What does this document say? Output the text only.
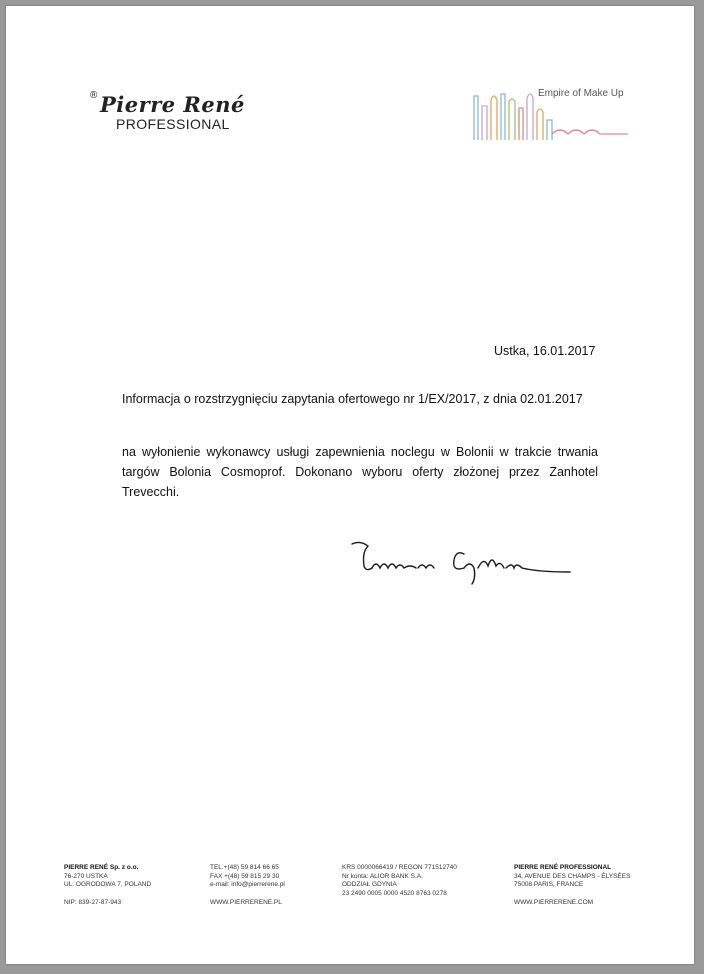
® Pierre René
PROFESSIONAL
Empire of Make Up
Ustka, 16.01.2017
Informacja o rozstrzygnięciu zapytania ofertowego nr 1/EX/2017, z dnia 02.01.2017
na wyłonienie wykonawcy usługi zapewnienia noclegu w Bolonii w trakcie trwania targów Bolonia Cosmoprof. Dokonano wyboru oferty złożonej przez Zanhotel Trevecchi.
PIERRE RENÉ Sp. z o.o.
76-270 USTKA
UL. OGRODOWA 7, POLAND
NIP: 839-27-87-943
TEL.+(48) 59 814 66 65
FAX +(48) 59 815 29 30
e-mail: info@pierrerene.pl
WWW.PIERRERENE.PL
KRS 0000066419 / REGON 771512740
Nr konta: ALIOR BANK S.A.
ODDZIAŁ GDYNIA
23 2490 0005 0000 4520 8763 0278
PIERRE RENÉ PROFESSIONAL
34, AVENUE DES CHAMPS - ÉLYSÉES
75008 PARIS, FRANCE
WWW.PIERRERENE.COM
